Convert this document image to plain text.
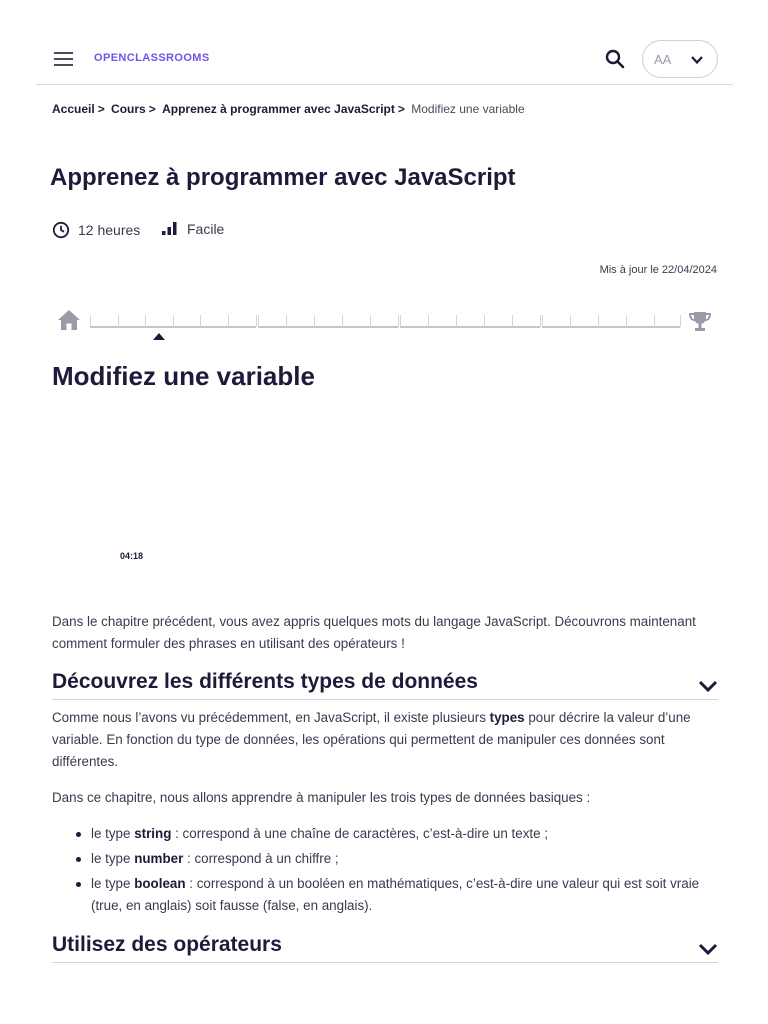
OPENCLASSROOMS	AA
Accueil > Cours > Apprenez à programmer avec JavaScript > Modifiez une variable
Apprenez à programmer avec JavaScript
12 heures	Facile
Mis à jour le 22/04/2024
Modifiez une variable
04:18

Dans le chapitre précédent, vous avez appris quelques mots du langage JavaScript. Découvrons maintenant comment formuler des phrases en utilisant des opérateurs !

Découvrez les différents types de données

Comme nous l’avons vu précédemment, en JavaScript, il existe plusieurs types pour décrire la valeur d’une variable. En fonction du type de données, les opérations qui permettent de manipuler ces données sont différentes.

Dans ce chapitre, nous allons apprendre à manipuler les trois types de données basiques :

le type string : correspond à une chaîne de caractères, c’est-à-dire un texte ;
le type number : correspond à un chiffre ;
le type boolean : correspond à un booléen en mathématiques, c’est-à-dire une valeur qui est soit vraie (true, en anglais) soit fausse (false, en anglais).
Utilisez des opérateurs
